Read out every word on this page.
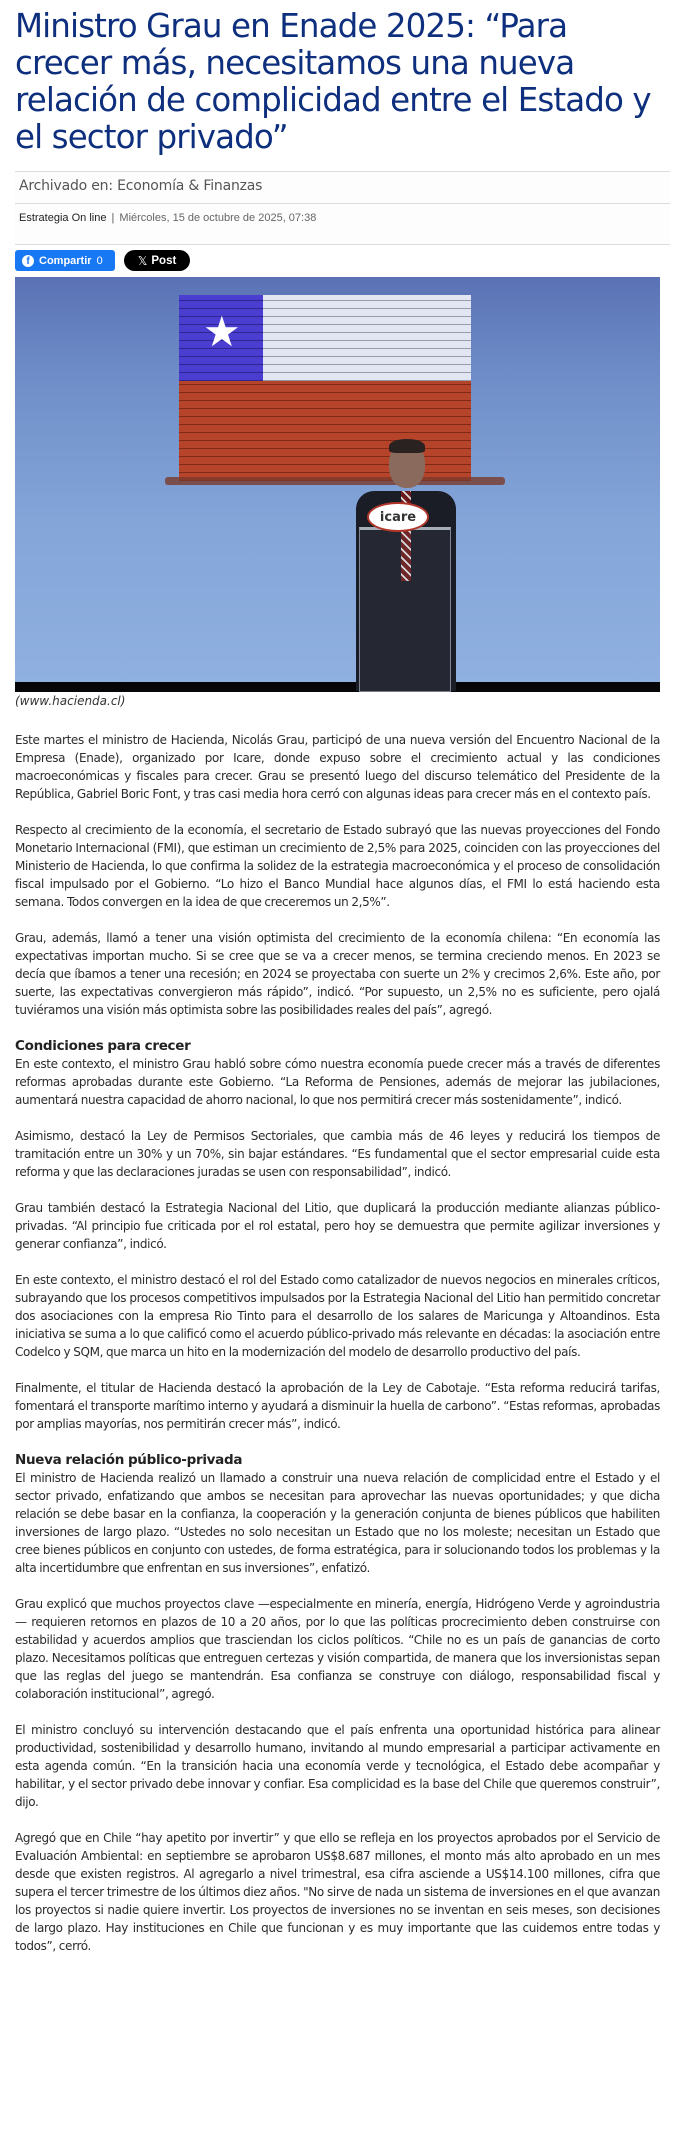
Ministro Grau en Enade 2025: “Para crecer más, necesitamos una nueva relación de complicidad entre el Estado y el sector privado”
Archivado en: Economía & Finanzas
Estrategia On line | Miércoles, 15 de octubre de 2025, 07:38
f Compartir 0	𝕏 Post
★
icare
(www.hacienda.cl)

Este martes el ministro de Hacienda, Nicolás Grau, participó de una nueva versión del Encuentro Nacional de la Empresa (Enade), organizado por Icare, donde expuso sobre el crecimiento actual y las condiciones macroeconómicas y fiscales para crecer. Grau se presentó luego del discurso telemático del Presidente de la República, Gabriel Boric Font, y tras casi media hora cerró con algunas ideas para crecer más en el contexto país.

Respecto al crecimiento de la economía, el secretario de Estado subrayó que las nuevas proyecciones del Fondo Monetario Internacional (FMI), que estiman un crecimiento de 2,5% para 2025, coinciden con las proyecciones del Ministerio de Hacienda, lo que confirma la solidez de la estrategia macroeconómica y el proceso de consolidación fiscal impulsado por el Gobierno. “Lo hizo el Banco Mundial hace algunos días, el FMI lo está haciendo esta semana. Todos convergen en la idea de que creceremos un 2,5%”.

Grau, además, llamó a tener una visión optimista del crecimiento de la economía chilena: “En economía las expectativas importan mucho. Si se cree que se va a crecer menos, se termina creciendo menos. En 2023 se decía que íbamos a tener una recesión; en 2024 se proyectaba con suerte un 2% y crecimos 2,6%. Este año, por suerte, las expectativas convergieron más rápido”, indicó. “Por supuesto, un 2,5% no es suficiente, pero ojalá tuviéramos una visión más optimista sobre las posibilidades reales del país”, agregó.

Condiciones para crecer

En este contexto, el ministro Grau habló sobre cómo nuestra economía puede crecer más a través de diferentes reformas aprobadas durante este Gobierno. “La Reforma de Pensiones, además de mejorar las jubilaciones, aumentará nuestra capacidad de ahorro nacional, lo que nos permitirá crecer más sostenidamente”, indicó.

Asimismo, destacó la Ley de Permisos Sectoriales, que cambia más de 46 leyes y reducirá los tiempos de tramitación entre un 30% y un 70%, sin bajar estándares. “Es fundamental que el sector empresarial cuide esta reforma y que las declaraciones juradas se usen con responsabilidad”, indicó.

Grau también destacó la Estrategia Nacional del Litio, que duplicará la producción mediante alianzas público-privadas. “Al principio fue criticada por el rol estatal, pero hoy se demuestra que permite agilizar inversiones y generar confianza”, indicó.

En este contexto, el ministro destacó el rol del Estado como catalizador de nuevos negocios en minerales críticos, subrayando que los procesos competitivos impulsados por la Estrategia Nacional del Litio han permitido concretar dos asociaciones con la empresa Rio Tinto para el desarrollo de los salares de Maricunga y Altoandinos. Esta iniciativa se suma a lo que calificó como el acuerdo público-privado más relevante en décadas: la asociación entre Codelco y SQM, que marca un hito en la modernización del modelo de desarrollo productivo del país.

Finalmente, el titular de Hacienda destacó la aprobación de la Ley de Cabotaje. “Esta reforma reducirá tarifas, fomentará el transporte marítimo interno y ayudará a disminuir la huella de carbono”. “Estas reformas, aprobadas por amplias mayorías, nos permitirán crecer más”, indicó.

Nueva relación público-privada

El ministro de Hacienda realizó un llamado a construir una nueva relación de complicidad entre el Estado y el sector privado, enfatizando que ambos se necesitan para aprovechar las nuevas oportunidades; y que dicha relación se debe basar en la confianza, la cooperación y la generación conjunta de bienes públicos que habiliten inversiones de largo plazo. “Ustedes no solo necesitan un Estado que no los moleste; necesitan un Estado que cree bienes públicos en conjunto con ustedes, de forma estratégica, para ir solucionando todos los problemas y la alta incertidumbre que enfrentan en sus inversiones”, enfatizó.

Grau explicó que muchos proyectos clave —especialmente en minería, energía, Hidrógeno Verde y agroindustria— requieren retornos en plazos de 10 a 20 años, por lo que las políticas procrecimiento deben construirse con estabilidad y acuerdos amplios que trasciendan los ciclos políticos. “Chile no es un país de ganancias de corto plazo. Necesitamos políticas que entreguen certezas y visión compartida, de manera que los inversionistas sepan que las reglas del juego se mantendrán. Esa confianza se construye con diálogo, responsabilidad fiscal y colaboración institucional”, agregó.

El ministro concluyó su intervención destacando que el país enfrenta una oportunidad histórica para alinear productividad, sostenibilidad y desarrollo humano, invitando al mundo empresarial a participar activamente en esta agenda común. “En la transición hacia una economía verde y tecnológica, el Estado debe acompañar y habilitar, y el sector privado debe innovar y confiar. Esa complicidad es la base del Chile que queremos construir”, dijo.

Agregó que en Chile “hay apetito por invertir” y que ello se refleja en los proyectos aprobados por el Servicio de Evaluación Ambiental: en septiembre se aprobaron US$8.687 millones, el monto más alto aprobado en un mes desde que existen registros. Al agregarlo a nivel trimestral, esa cifra asciende a US$14.100 millones, cifra que supera el tercer trimestre de los últimos diez años. "No sirve de nada un sistema de inversiones en el que avanzan los proyectos si nadie quiere invertir. Los proyectos de inversiones no se inventan en seis meses, son decisiones de largo plazo. Hay instituciones en Chile que funcionan y es muy importante que las cuidemos entre todas y todos”, cerró.
